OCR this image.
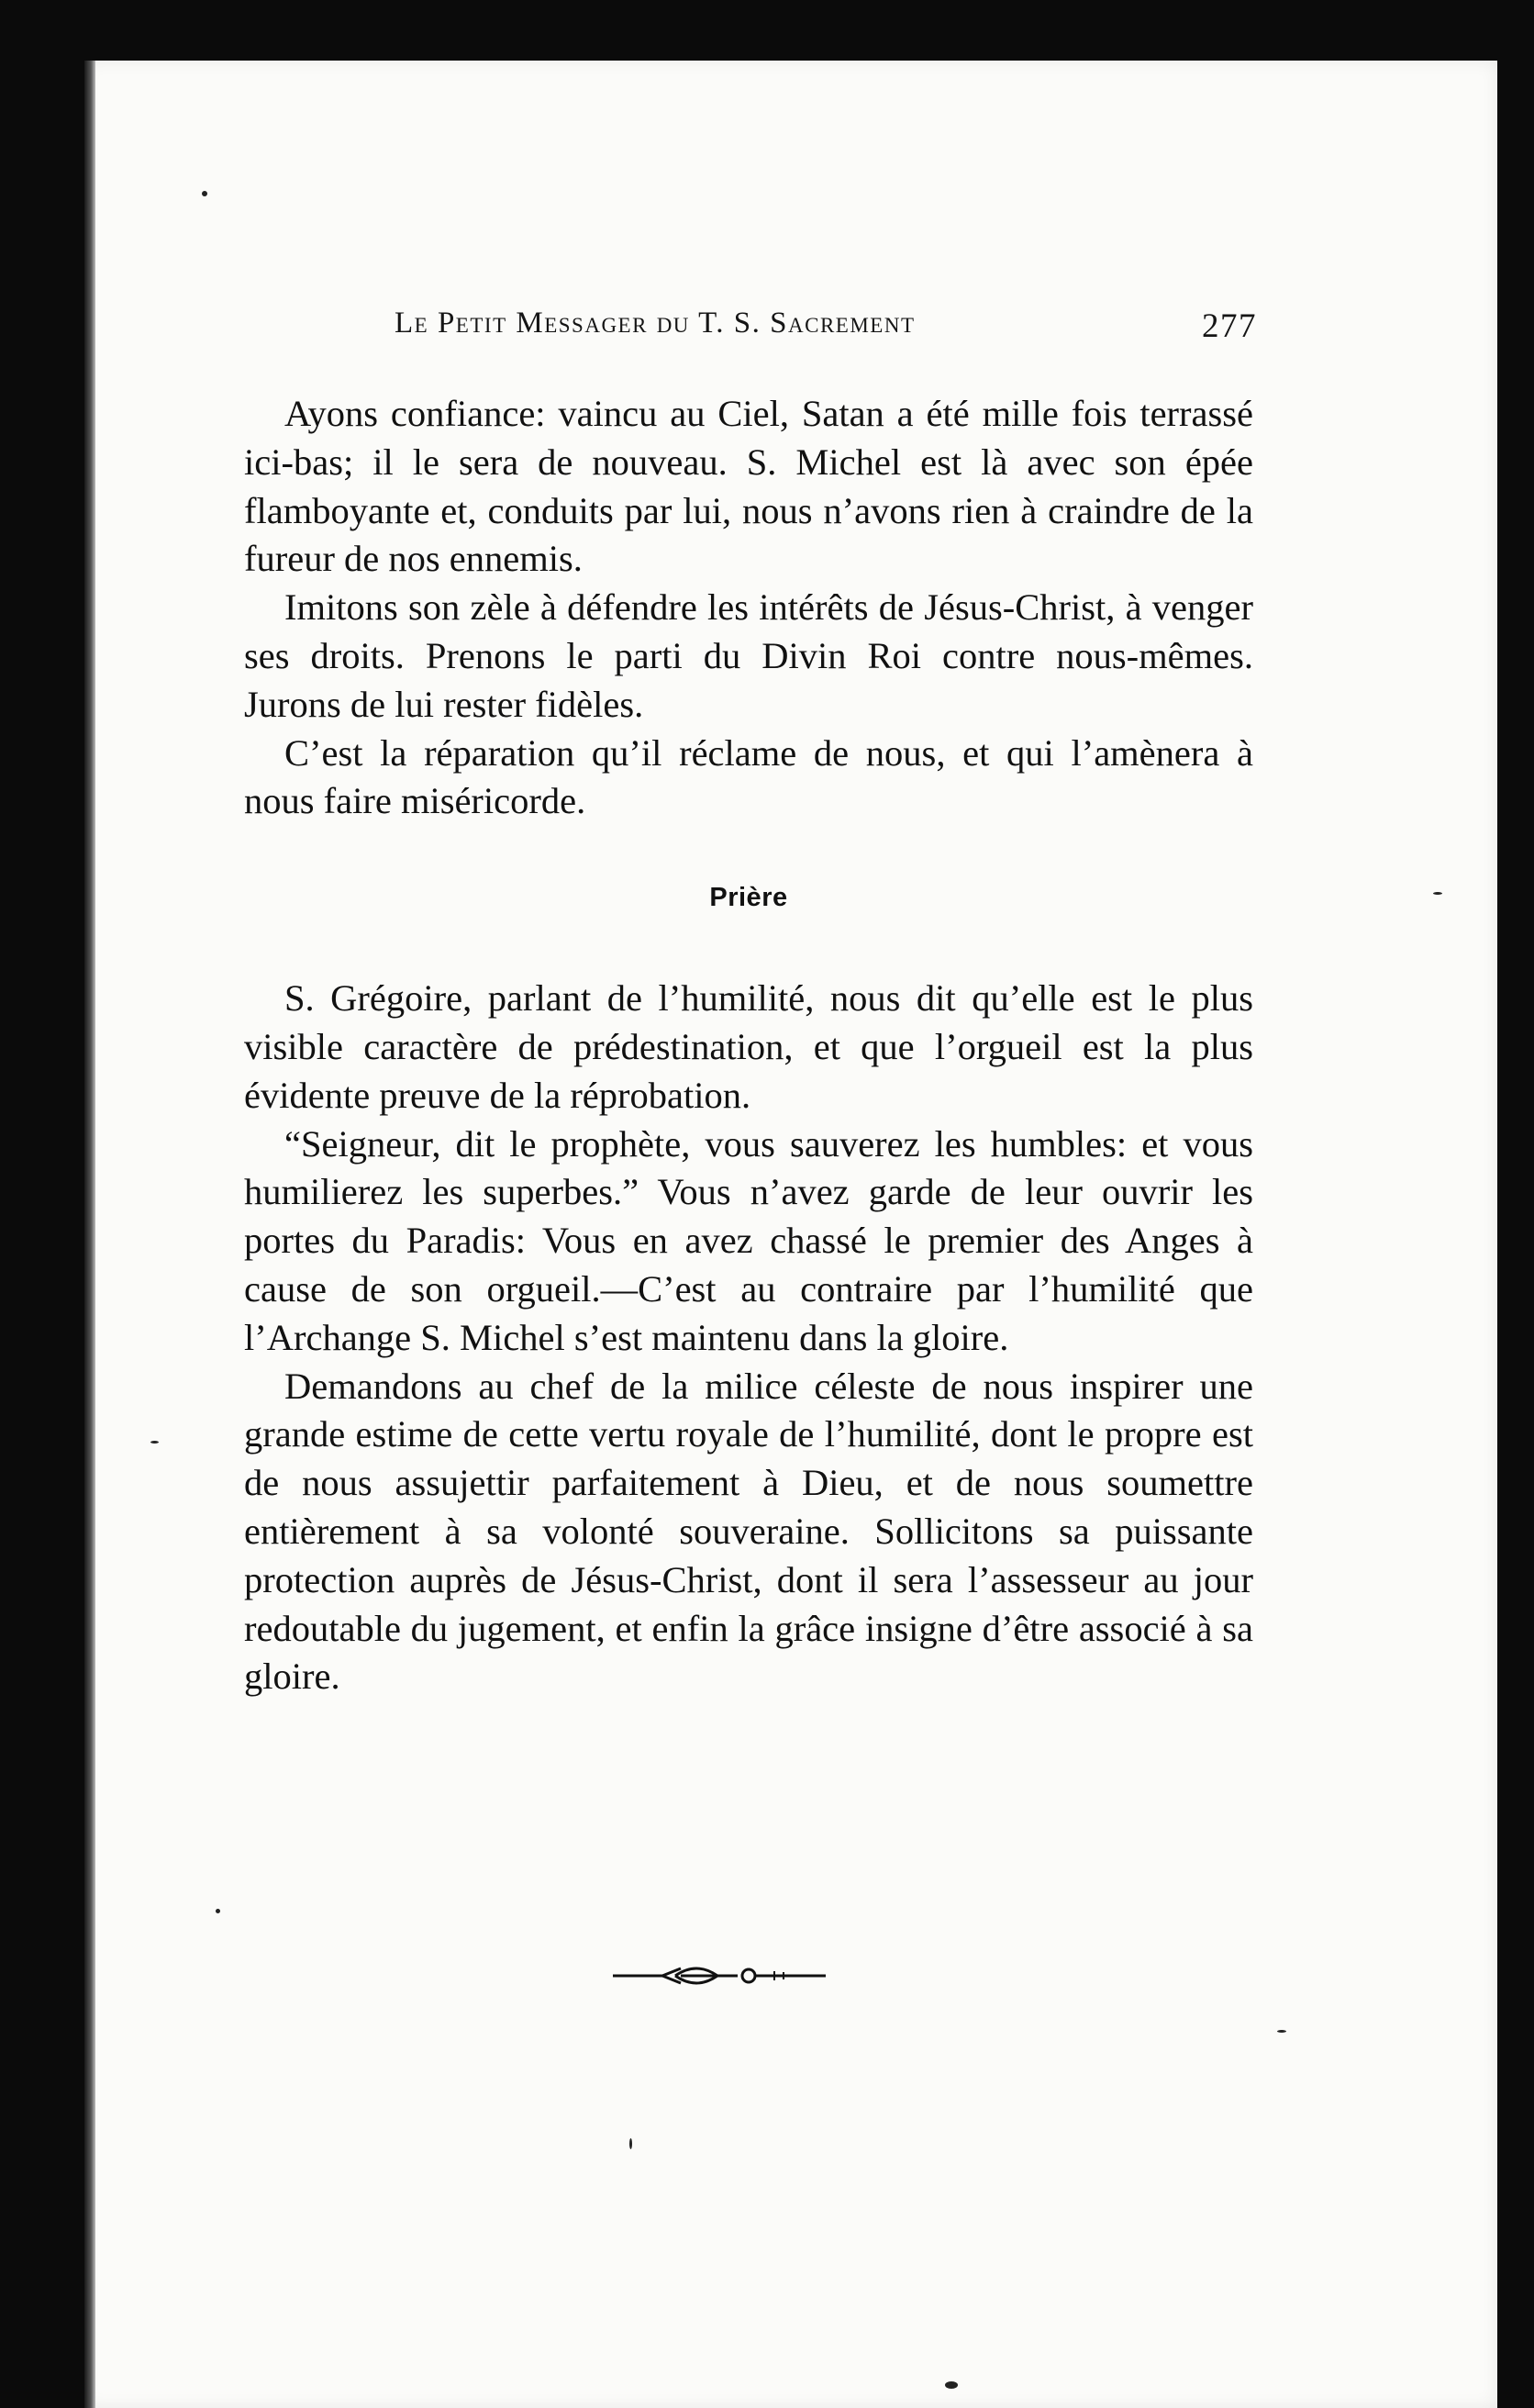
Le Petit Messager du T. S. Sacrement	277

Ayons confiance: vaincu au Ciel, Satan a été mille fois terrassé ici-bas; il le sera de nouveau. S. Michel est là avec son épée flamboyante et, conduits par lui, nous n’avons rien à craindre de la fureur de nos ennemis.

Imitons son zèle à défendre les intérêts de Jésus-Christ, à venger ses droits. Prenons le parti du Divin Roi contre nous-mêmes. Jurons de lui rester fidèles.

C’est la réparation qu’il réclame de nous, et qui l’amènera à nous faire miséricorde.

Prière

S. Grégoire, parlant de l’humilité, nous dit qu’elle est le plus visible caractère de prédestination, et que l’orgueil est la plus évidente preuve de la réprobation.

“Seigneur, dit le prophète, vous sauverez les humbles: et vous humilierez les superbes.” Vous n’avez garde de leur ouvrir les portes du Paradis: Vous en avez chassé le premier des Anges à cause de son orgueil.—C’est au contraire par l’humilité que l’Archange S. Michel s’est maintenu dans la gloire.

Demandons au chef de la milice céleste de nous inspirer une grande estime de cette vertu royale de l’humilité, dont le propre est de nous assujettir parfaitement à Dieu, et de nous soumettre entièrement à sa volonté souveraine. Sollicitons sa puissante protection auprès de Jésus-Christ, dont il sera l’assesseur au jour redoutable du jugement, et enfin la grâce insigne d’être associé à sa gloire.
